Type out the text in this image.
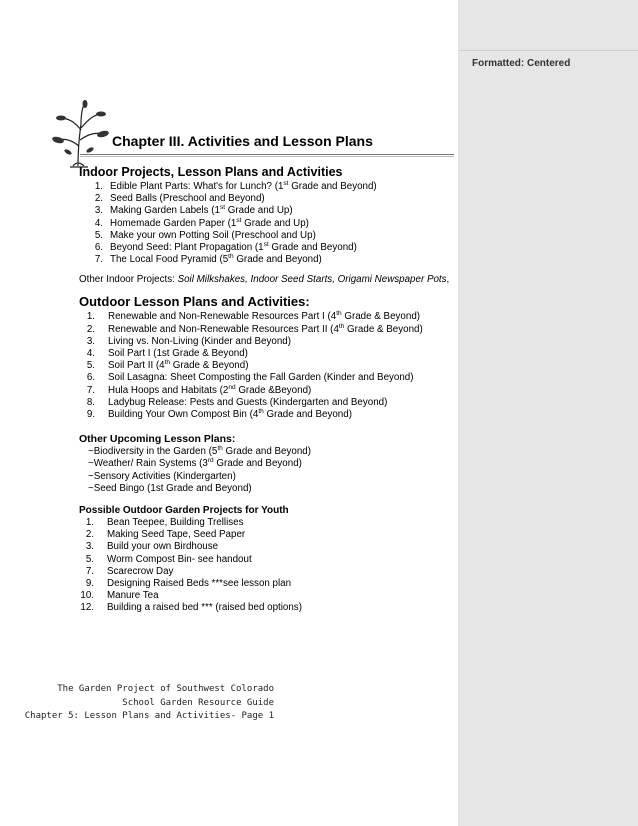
Chapter III. Activities and Lesson Plans
Indoor Projects, Lesson Plans and Activities
1. Edible Plant Parts: What's for Lunch? (1st Grade and Beyond)
2. Seed Balls (Preschool and Beyond)
3. Making Garden Labels (1st Grade and Up)
4. Homemade Garden Paper (1st Grade and Up)
5. Make your own Potting Soil (Preschool and Up)
6. Beyond Seed: Plant Propagation (1st Grade and Beyond)
7. The Local Food Pyramid (5th Grade and Beyond)
Other Indoor Projects: Soil Milkshakes, Indoor Seed Starts, Origami Newspaper Pots,
Outdoor Lesson Plans and Activities:
1. Renewable and Non-Renewable Resources Part I (4th Grade & Beyond)
2. Renewable and Non-Renewable Resources Part II (4th Grade & Beyond)
3. Living vs. Non-Living (Kinder and Beyond)
4. Soil Part I (1st Grade & Beyond)
5. Soil Part II (4th Grade & Beyond)
6. Soil Lasagna: Sheet Composting the Fall Garden (Kinder and Beyond)
7. Hula Hoops and Habitats (2nd Grade &Beyond)
8. Ladybug Release: Pests and Guests (Kindergarten and Beyond)
9. Building Your Own Compost Bin (4th Grade and Beyond)
Other Upcoming Lesson Plans:
~Biodiversity in the Garden (5th Grade and Beyond)
~Weather/ Rain Systems (3rd Grade and Beyond)
~Sensory Activities (Kindergarten)
~Seed Bingo (1st Grade and Beyond)
Possible Outdoor Garden Projects for Youth
1. Bean Teepee, Building Trellises
2. Making Seed Tape, Seed Paper
3. Build your own Birdhouse
5. Worm Compost Bin- see handout
7. Scarecrow Day
9. Designing Raised Beds ***see lesson plan
10. Manure Tea
12. Building a raised bed *** (raised bed options)
The Garden Project of Southwest Colorado
School Garden Resource Guide
Chapter 5: Lesson Plans and Activities- Page 1
Formatted: Centered
